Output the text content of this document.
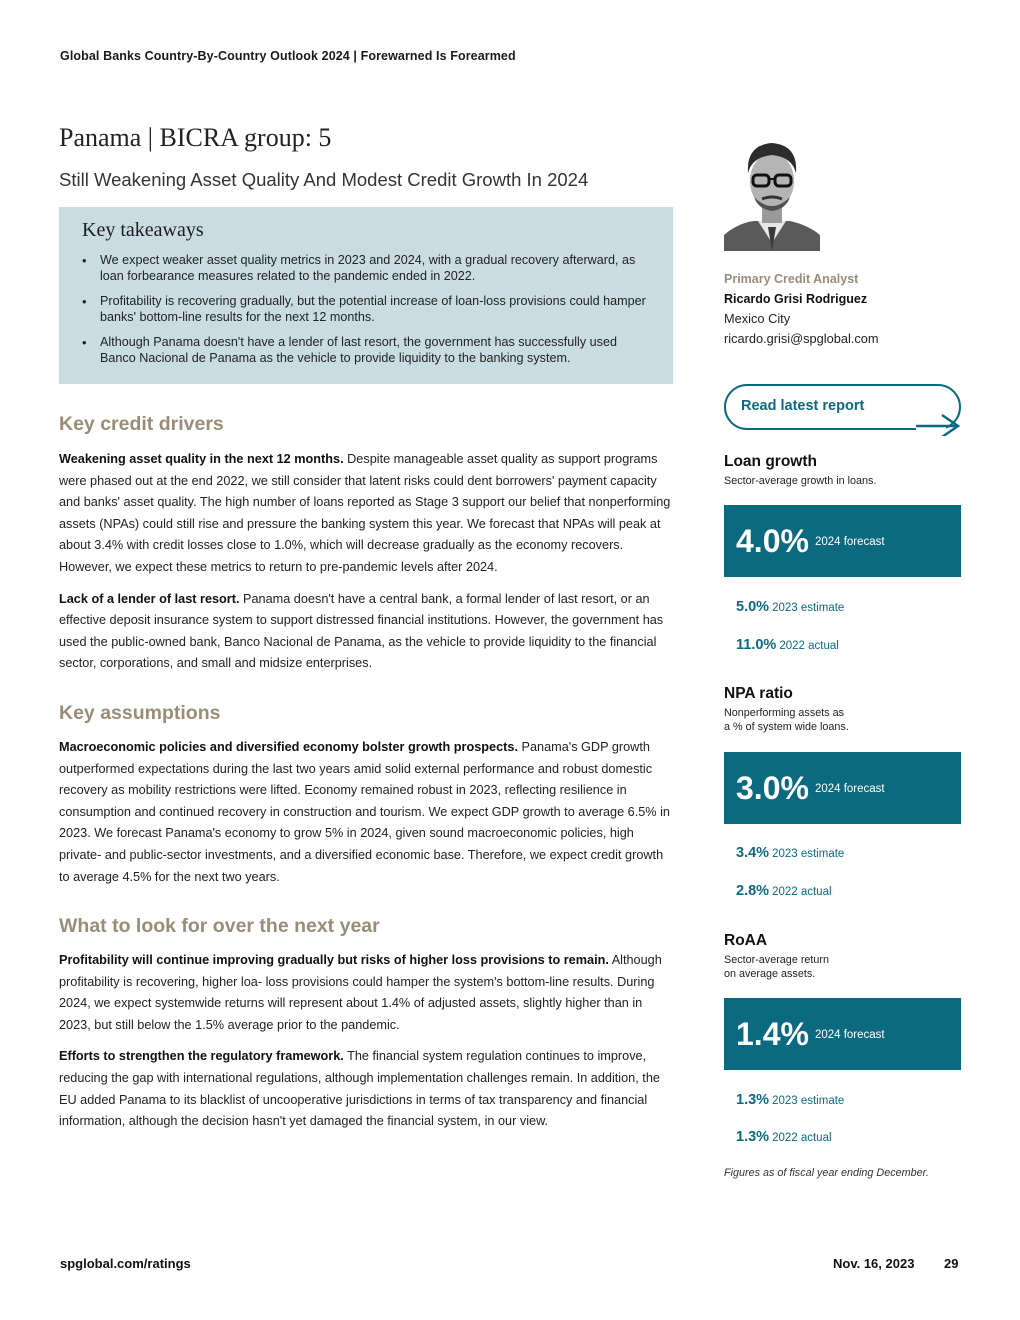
Global Banks Country-By-Country Outlook 2024 | Forewarned Is Forearmed
Panama | BICRA group: 5
Still Weakening Asset Quality And Modest Credit Growth In 2024
Key takeaways
• We expect weaker asset quality metrics in 2023 and 2024, with a gradual recovery afterward, as loan forbearance measures related to the pandemic ended in 2022.
• Profitability is recovering gradually, but the potential increase of loan-loss provisions could hamper banks' bottom-line results for the next 12 months.
• Although Panama doesn't have a lender of last resort, the government has successfully used Banco Nacional de Panama as the vehicle to provide liquidity to the banking system.
Key credit drivers

Weakening asset quality in the next 12 months. Despite manageable asset quality as support programs were phased out at the end 2022, we still consider that latent risks could dent borrowers' payment capacity and banks' asset quality. The high number of loans reported as Stage 3 support our belief that nonperforming assets (NPAs) could still rise and pressure the banking system this year. We forecast that NPAs will peak at about 3.4% with credit losses close to 1.0%, which will decrease gradually as the economy recovers. However, we expect these metrics to return to pre-pandemic levels after 2024.

Lack of a lender of last resort. Panama doesn't have a central bank, a formal lender of last resort, or an effective deposit insurance system to support distressed financial institutions. However, the government has used the public-owned bank, Banco Nacional de Panama, as the vehicle to provide liquidity to the financial sector, corporations, and small and midsize enterprises.

Key assumptions

Macroeconomic policies and diversified economy bolster growth prospects. Panama's GDP growth outperformed expectations during the last two years amid solid external performance and robust domestic recovery as mobility restrictions were lifted. Economy remained robust in 2023, reflecting resilience in consumption and continued recovery in construction and tourism. We expect GDP growth to average 6.5% in 2023. We forecast Panama's economy to grow 5% in 2024, given sound macroeconomic policies, high private- and public-sector investments, and a diversified economic base. Therefore, we expect credit growth to average 4.5% for the next two years.

What to look for over the next year

Profitability will continue improving gradually but risks of higher loss provisions to remain. Although profitability is recovering, higher loa- loss provisions could hamper the system's bottom-line results. During 2024, we expect systemwide returns will represent about 1.4% of adjusted assets, slightly higher than in 2023, but still below the 1.5% average prior to the pandemic.

Efforts to strengthen the regulatory framework. The financial system regulation continues to improve, reducing the gap with international regulations, although implementation challenges remain. In addition, the EU added Panama to its blacklist of uncooperative jurisdictions in terms of tax transparency and financial information, although the decision hasn't yet damaged the financial system, in our view.

Primary Credit Analyst
Ricardo Grisi Rodriguez
Mexico City
ricardo.grisi@spglobal.com
Read latest report
Loan growth
Sector-average growth in loans.
4.0% 2024 forecast
5.0% 2023 estimate
11.0% 2022 actual
NPA ratio
Nonperforming assets as
a % of system wide loans.
3.0% 2024 forecast
3.4% 2023 estimate
2.8% 2022 actual
RoAA
Sector-average return
on average assets.
1.4% 2024 forecast
1.3% 2023 estimate
1.3% 2022 actual
Figures as of fiscal year ending December.
spglobal.com/ratings	Nov. 16, 2023 29
